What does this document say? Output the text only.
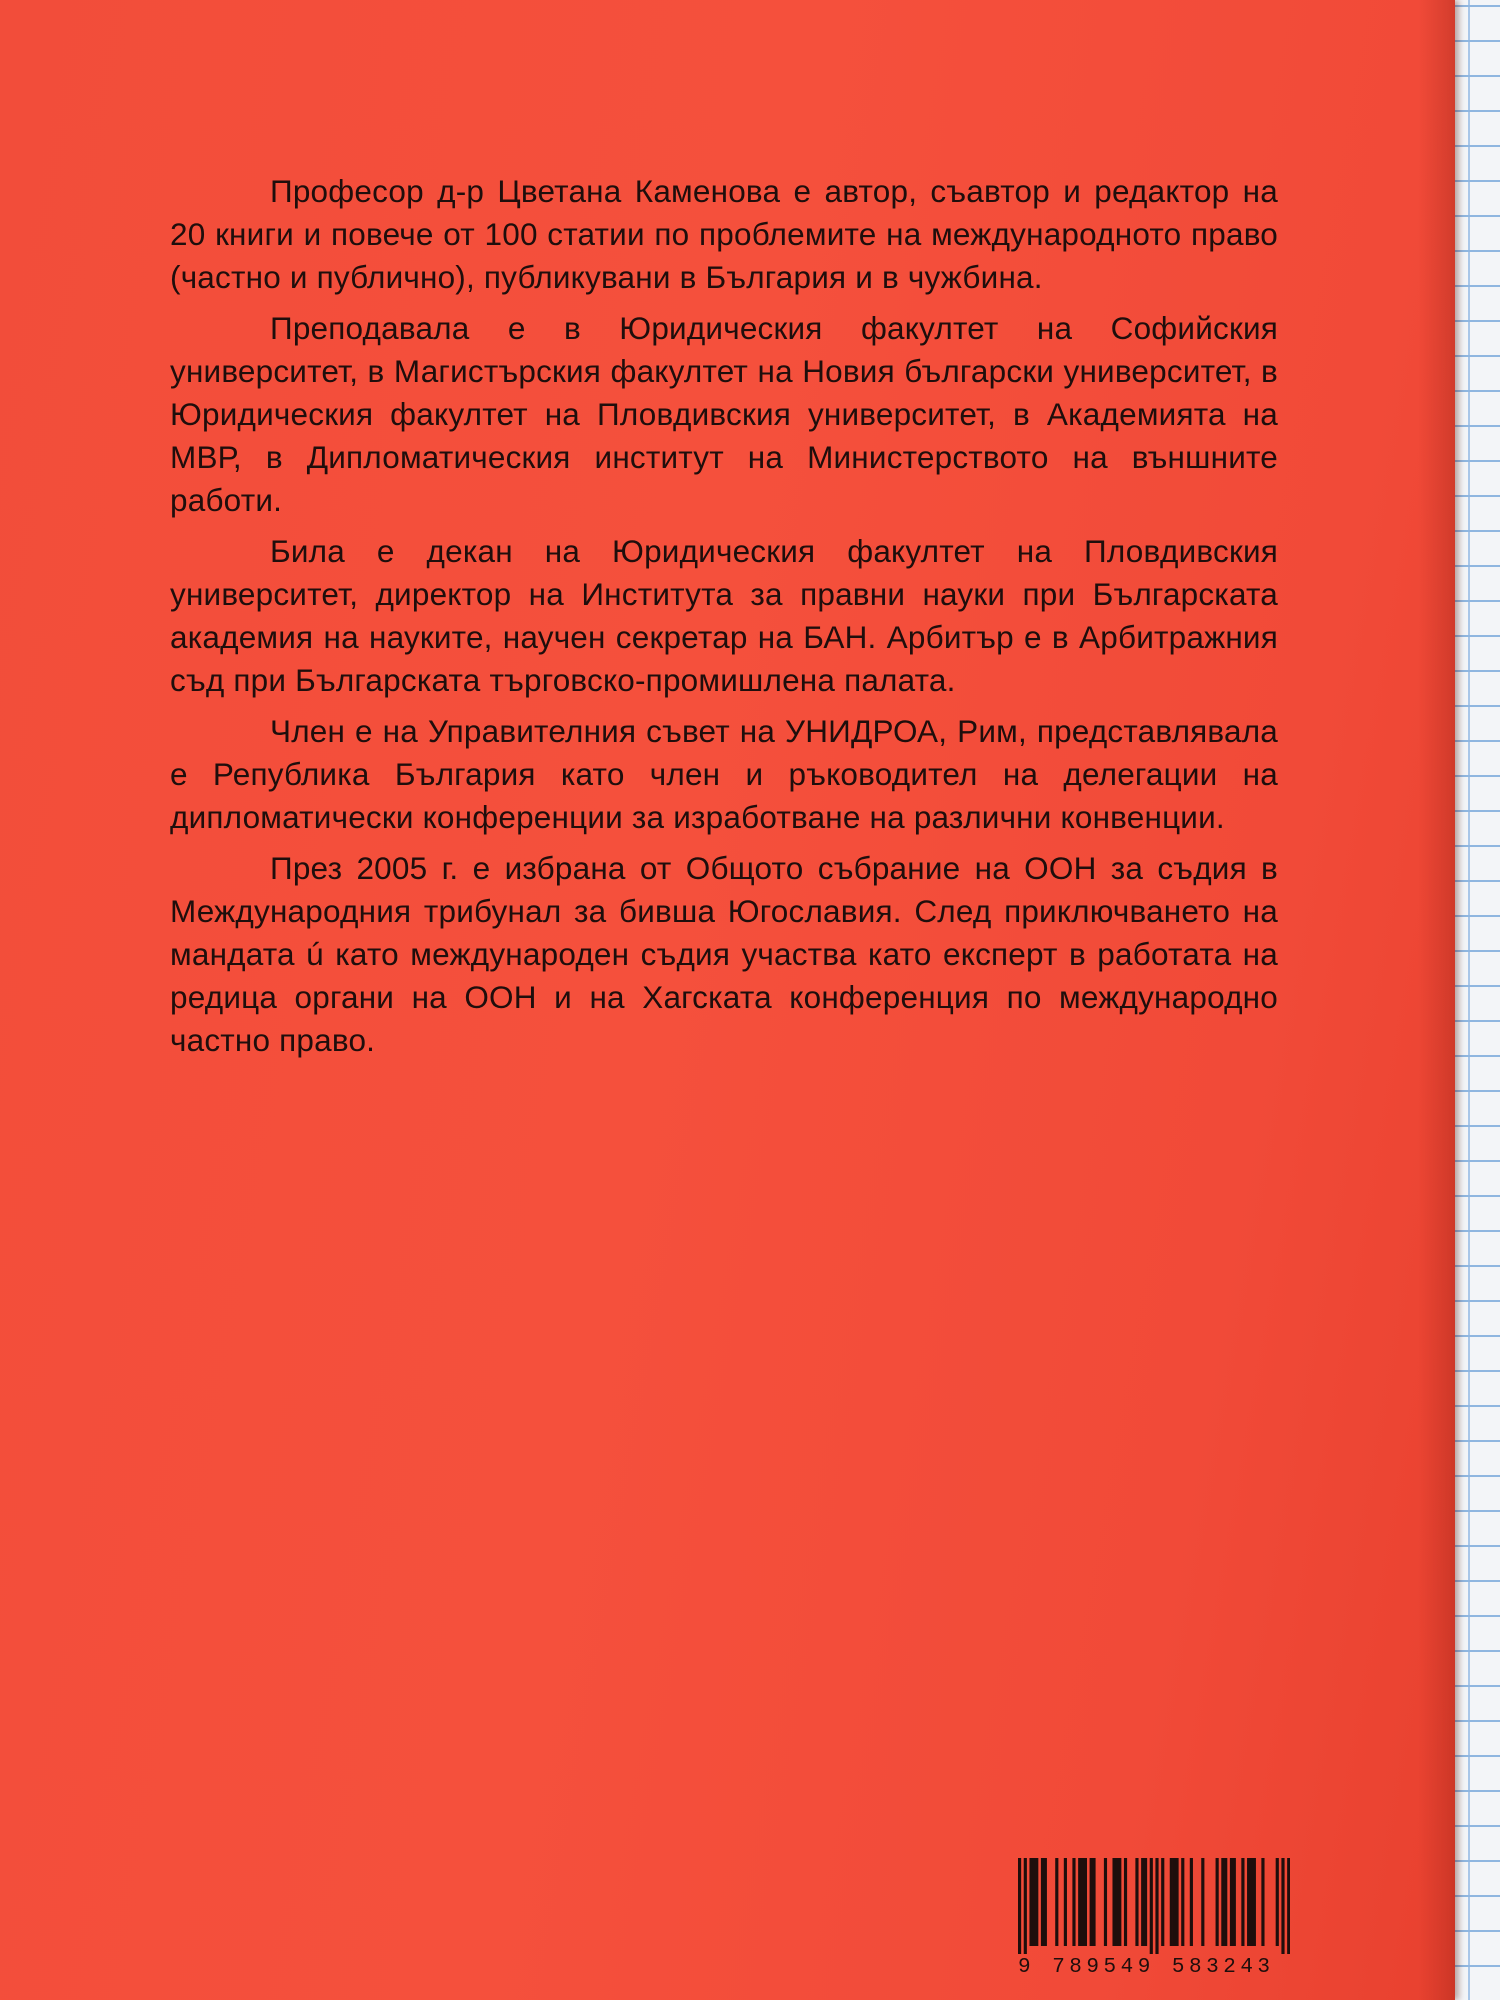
Професор д-р Цветана Каменова е автор, съавтор и редактор на 20 книги и повече от 100 статии по проблемите на международното право (частно и публично), публикувани в България и в чужбина.

Преподавала е в Юридическия факултет на Софийския университет, в Магистърския факултет на Новия български университет, в Юридическия факултет на Пловдивския университет, в Академията на МВР, в Дипломатическия институт на Министерството на външните работи.

Била е декан на Юридическия факултет на Пловдивския университет, директор на Института за правни науки при Българската академия на науките, научен секретар на БАН. Арбитър е в Арбитражния съд при Българската търговско-промишлена палата.

Член е на Управителния съвет на УНИДРОА, Рим, представлявала е Република България като член и ръководител на делегации на дипломатически конференции за изработване на различни конвенции.

През 2005 г. е избрана от Общото събрание на ООН за съдия в Международния трибунал за бивша Югославия. След приключването на мандата ú като международен съдия участва като експерт в работата на редица органи на ООН и на Хагската конференция по международно частно право.

9 789549 583243
